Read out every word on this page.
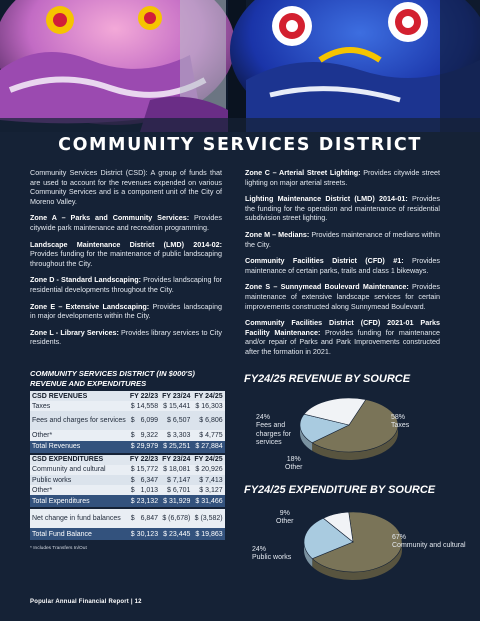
COMMUNITY SERVICES DISTRICT

Community Services District (CSD): A group of funds that are used to account for the revenues expended on various Community Services and is a component unit of the City of Moreno Valley.

Zone A – Parks and Community Services: Provides citywide park maintenance and recreation programming.

Landscape Maintenance District (LMD) 2014-02: Provides funding for the maintenance of public landscaping throughout the City.

Zone D - Standard Landscaping: Provides landscaping for residential developments throughout the City.

Zone E – Extensive Landscaping: Provides landscaping in major developments within the City.

Zone L - Library Services: Provides library services to City residents.

Zone C – Arterial Street Lighting: Provides citywide street lighting on major arterial streets.

Lighting Maintenance District (LMD) 2014-01: Provides the funding for the operation and maintenance of residential subdivision street lighting.

Zone M – Medians: Provides maintenance of medians within the City.

Community Facilities District (CFD) #1: Provides maintenance of certain parks, trails and class 1 bikeways.

Zone S – Sunnymead Boulevard Maintenance: Provides maintenance of extensive landscape services for certain improvements constructed along Sunnymead Boulevard.

Community Facilities District (CFD) 2021-01 Parks Facility Maintenance: Provides funding for maintenance and/or repair of Parks and Park Improvements constructed after the formation in 2021.

COMMUNITY SERVICES DISTRICT (IN $000'S) REVENUE AND EXPENDITURES
CSD REVENUES	FY 22/23		FY 23/24	FY 24/25
Taxes	$	14,558	$ 15,441	$ 16,303
Fees and charges for services	$	6,099	$ 6,507	$ 6,806
Other*	$	9,322	$ 3,303	$ 4,775
Total Revenues	$	29,979	$ 25,251	$ 27,884

CSD EXPENDITURES	FY 22/23		FY 23/24	FY 24/25
Community and cultural	$	15,772	$ 18,081	$ 20,926
Public works	$	6,347	$ 7,147	$ 7,413
Other*	$	1,013	$ 6,701	$ 3,127
Total Expenditures	$	23,132	$ 31,929	$ 31,466

Net change in fund balances	$	6,847	$ (6,678)	$ (3,582)
Total Fund Balance	$	30,123	$ 23,445	$ 19,863
* Includes Transfers In/Out
FY24/25 REVENUE BY SOURCE
24%
Fees and charges for services
58%
Taxes
18%
Other
FY24/25 EXPENDITURE BY SOURCE
9%
Other
24%
Public works
67%
Community and cultural
Popular Annual Financial Report | 12
